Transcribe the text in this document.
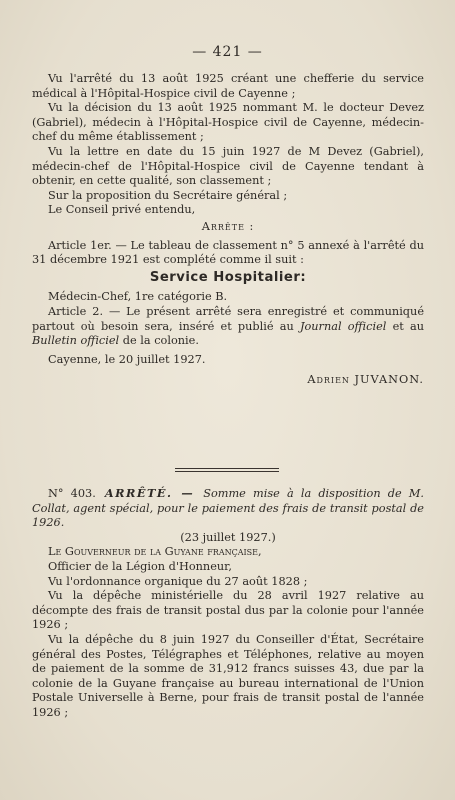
— 421 —

Vu l'arrêté du 13 août 1925 créant une chefferie du service médical à l'Hôpital-Hospice civil de Cayenne ;

Vu la décision du 13 août 1925 nommant M. le docteur Devez (Gabriel), médecin à l'Hôpital-Hospice civil de Cayenne, médecin-chef du même établissement ;

Vu la lettre en date du 15 juin 1927 de M Devez (Gabriel), médecin-chef de l'Hôpital-Hospice civil de Cayenne tendant à obtenir, en cette qualité, son classement ;

Sur la proposition du Secrétaire général ;

Le Conseil privé entendu,

Arrête :

Article 1er. — Le tableau de classement n° 5 annexé à l'arrêté du 31 décembre 1921 est complété comme il suit :

Service Hospitalier:

Médecin-Chef, 1re catégorie B.

Article 2. — Le présent arrêté sera enregistré et communiqué partout où besoin sera, inséré et publié au Journal officiel et au Bulletin officiel de la colonie.

Cayenne, le 20 juillet 1927.

Adrien JUVANON.

N° 403. ARRÊTÉ. — Somme mise à la disposition de M. Collat, agent spécial, pour le paiement des frais de transit postal de 1926.

(23 juillet 1927.)

Le Gouverneur de la Guyane française,

Officier de la Légion d'Honneur,

Vu l'ordonnance organique du 27 août 1828 ;

Vu la dépêche ministérielle du 28 avril 1927 relative au décompte des frais de transit postal dus par la colonie pour l'année 1926 ;

Vu la dépêche du 8 juin 1927 du Conseiller d'État, Secrétaire général des Postes, Télégraphes et Téléphones, relative au moyen de paiement de la somme de 31,912 francs suisses 43, due par la colonie de la Guyane française au bureau international de l'Union Postale Universelle à Berne, pour frais de transit postal de l'année 1926 ;
